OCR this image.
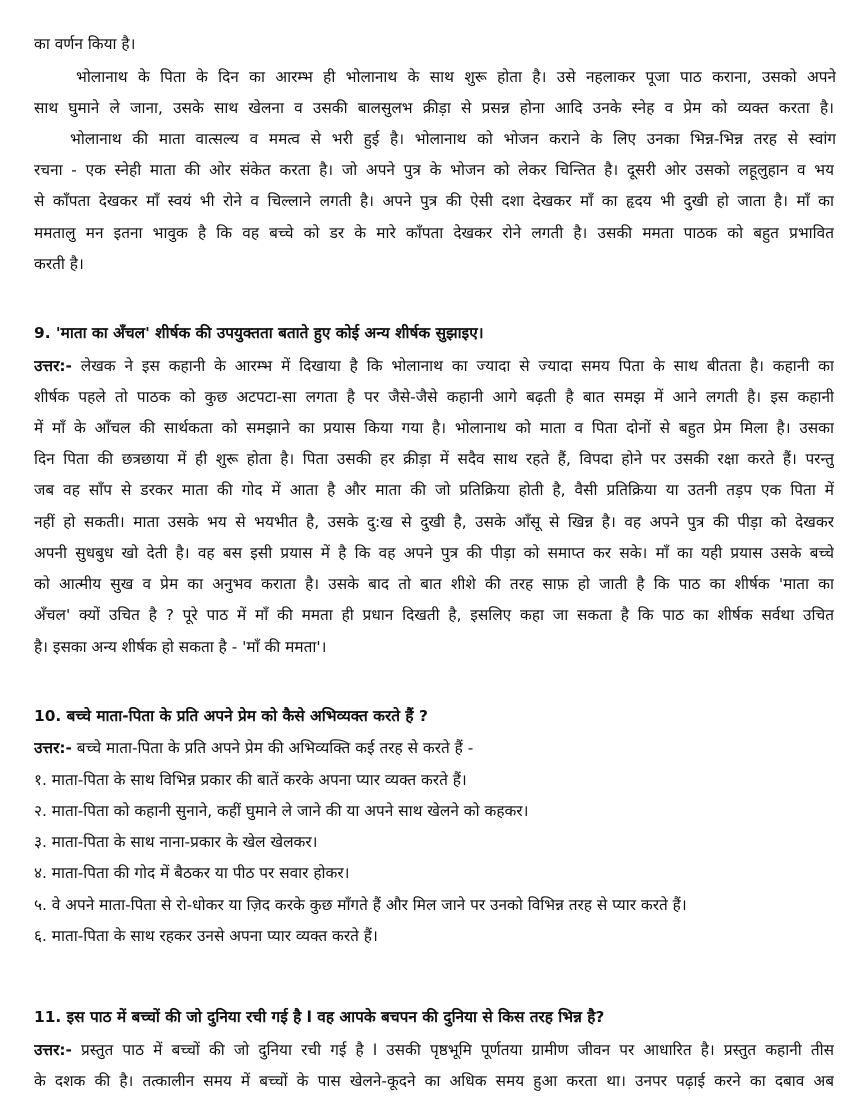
का वर्णन किया है।

भोलानाथ के पिता के दिन का आरम्भ ही भोलानाथ के साथ शुरू होता है। उसे नहलाकर पूजा पाठ कराना, उसको अपने

साथ घुमाने ले जाना, उसके साथ खेलना व उसकी बालसुलभ क्रीड़ा से प्रसन्न होना आदि उनके स्नेह व प्रेम को व्यक्त करता है।

भोलानाथ की माता वात्सल्य व ममत्व से भरी हुई है। भोलानाथ को भोजन कराने के लिए उनका भिन्न-भिन्न तरह से स्वांग

रचना - एक स्नेही माता की ओर संकेत करता है। जो अपने पुत्र के भोजन को लेकर चिन्तित है। दूसरी ओर उसको लहूलुहान व भय

से काँपता देखकर माँ स्वयं भी रोने व चिल्लाने लगती है। अपने पुत्र की ऐसी दशा देखकर माँ का हृदय भी दुखी हो जाता है। माँ का

ममतालु मन इतना भावुक है कि वह बच्चे को डर के मारे काँपता देखकर रोने लगती है। उसकी ममता पाठक को बहुत प्रभावित

करती है।

9. 'माता का अँचल' शीर्षक की उपयुक्तता बताते हुए कोई अन्य शीर्षक सुझाइए।

उत्तर:- लेखक ने इस कहानी के आरम्भ में दिखाया है कि भोलानाथ का ज्यादा से ज्यादा समय पिता के साथ बीतता है। कहानी का

शीर्षक पहले तो पाठक को कुछ अटपटा-सा लगता है पर जैसे-जैसे कहानी आगे बढ़ती है बात समझ में आने लगती है। इस कहानी

में माँ के आँचल की सार्थकता को समझाने का प्रयास किया गया है। भोलानाथ को माता व पिता दोनों से बहुत प्रेम मिला है। उसका

दिन पिता की छत्रछाया में ही शुरू होता है। पिता उसकी हर क्रीड़ा में सदैव साथ रहते हैं, विपदा होने पर उसकी रक्षा करते हैं। परन्तु

जब वह साँप से डरकर माता की गोद में आता है और माता की जो प्रतिक्रिया होती है, वैसी प्रतिक्रिया या उतनी तड़प एक पिता में

नहीं हो सकती। माता उसके भय से भयभीत है, उसके दु:ख से दुखी है, उसके आँसू से खिन्न है। वह अपने पुत्र की पीड़ा को देखकर

अपनी सुधबुध खो देती है। वह बस इसी प्रयास में है कि वह अपने पुत्र की पीड़ा को समाप्त कर सके। माँ का यही प्रयास उसके बच्चे

को आत्मीय सुख व प्रेम का अनुभव कराता है। उसके बाद तो बात शीशे की तरह साफ़ हो जाती है कि पाठ का शीर्षक 'माता का

अँचल' क्यों उचित है ? पूरे पाठ में माँ की ममता ही प्रधान दिखती है, इसलिए कहा जा सकता है कि पाठ का शीर्षक सर्वथा उचित

है। इसका अन्य शीर्षक हो सकता है - 'माँ की ममता'।

10. बच्चे माता-पिता के प्रति अपने प्रेम को कैसे अभिव्यक्त करते हैं ?

उत्तर:- बच्चे माता-पिता के प्रति अपने प्रेम की अभिव्यक्ति कई तरह से करते हैं -

१. माता-पिता के साथ विभिन्न प्रकार की बातें करके अपना प्यार व्यक्त करते हैं।

२. माता-पिता को कहानी सुनाने, कहीं घुमाने ले जाने की या अपने साथ खेलने को कहकर।

३. माता-पिता के साथ नाना-प्रकार के खेल खेलकर।

४. माता-पिता की गोद में बैठकर या पीठ पर सवार होकर।

५. वे अपने माता-पिता से रो-धोकर या ज़िद करके कुछ माँगते हैं और मिल जाने पर उनको विभिन्न तरह से प्यार करते हैं।

६. माता-पिता के साथ रहकर उनसे अपना प्यार व्यक्त करते हैं।

11. इस पाठ में बच्चों की जो दुनिया रची गई है l वह आपके बचपन की दुनिया से किस तरह भिन्न है?

उत्तर:- प्रस्तुत पाठ में बच्चों की जो दुनिया रची गई है l उसकी पृष्ठभूमि पूर्णतया ग्रामीण जीवन पर आधारित है। प्रस्तुत कहानी तीस

के दशक की है। तत्कालीन समय में बच्चों के पास खेलने-कूदने का अधिक समय हुआ करता था। उनपर पढ़ाई करने का दबाव अब
